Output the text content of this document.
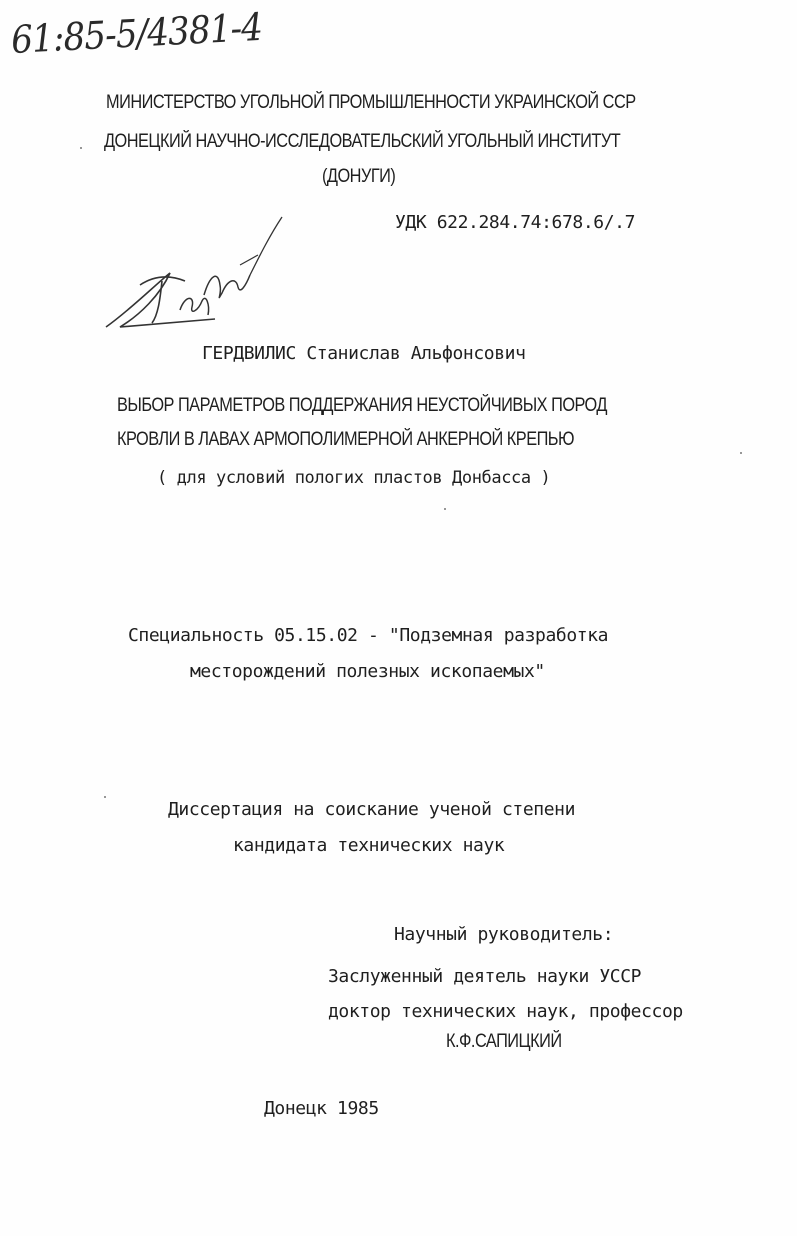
61:85-5/4381-4
МИНИСТЕРСТВО УГОЛЬНОЙ ПРОМЫШЛЕННОСТИ УКРАИНСКОЙ ССР
ДОНЕЦКИЙ НАУЧНО-ИССЛЕДОВАТЕЛЬСКИЙ УГОЛЬНЫЙ ИНСТИТУТ
(ДОНУГИ)
УДК 622.284.74:678.6/.7
ГЕРДВИЛИС Станислав Альфонсович
ВЫБОР ПАРАМЕТРОВ ПОДДЕРЖАНИЯ НЕУСТОЙЧИВЫХ ПОРОД
КРОВЛИ В ЛАВАХ АРМОПОЛИМЕРНОЙ АНКЕРНОЙ КРЕПЬЮ
( для условий пологих пластов Донбасса )
Специальность 05.15.02 - "Подземная разработка
месторождений полезных ископаемых"
Диссертация на соискание ученой степени
кандидата технических наук
Научный руководитель:
Заслуженный деятель науки УССР
доктор технических наук, профессор
К.Ф.САПИЦКИЙ
Донецк 1985
